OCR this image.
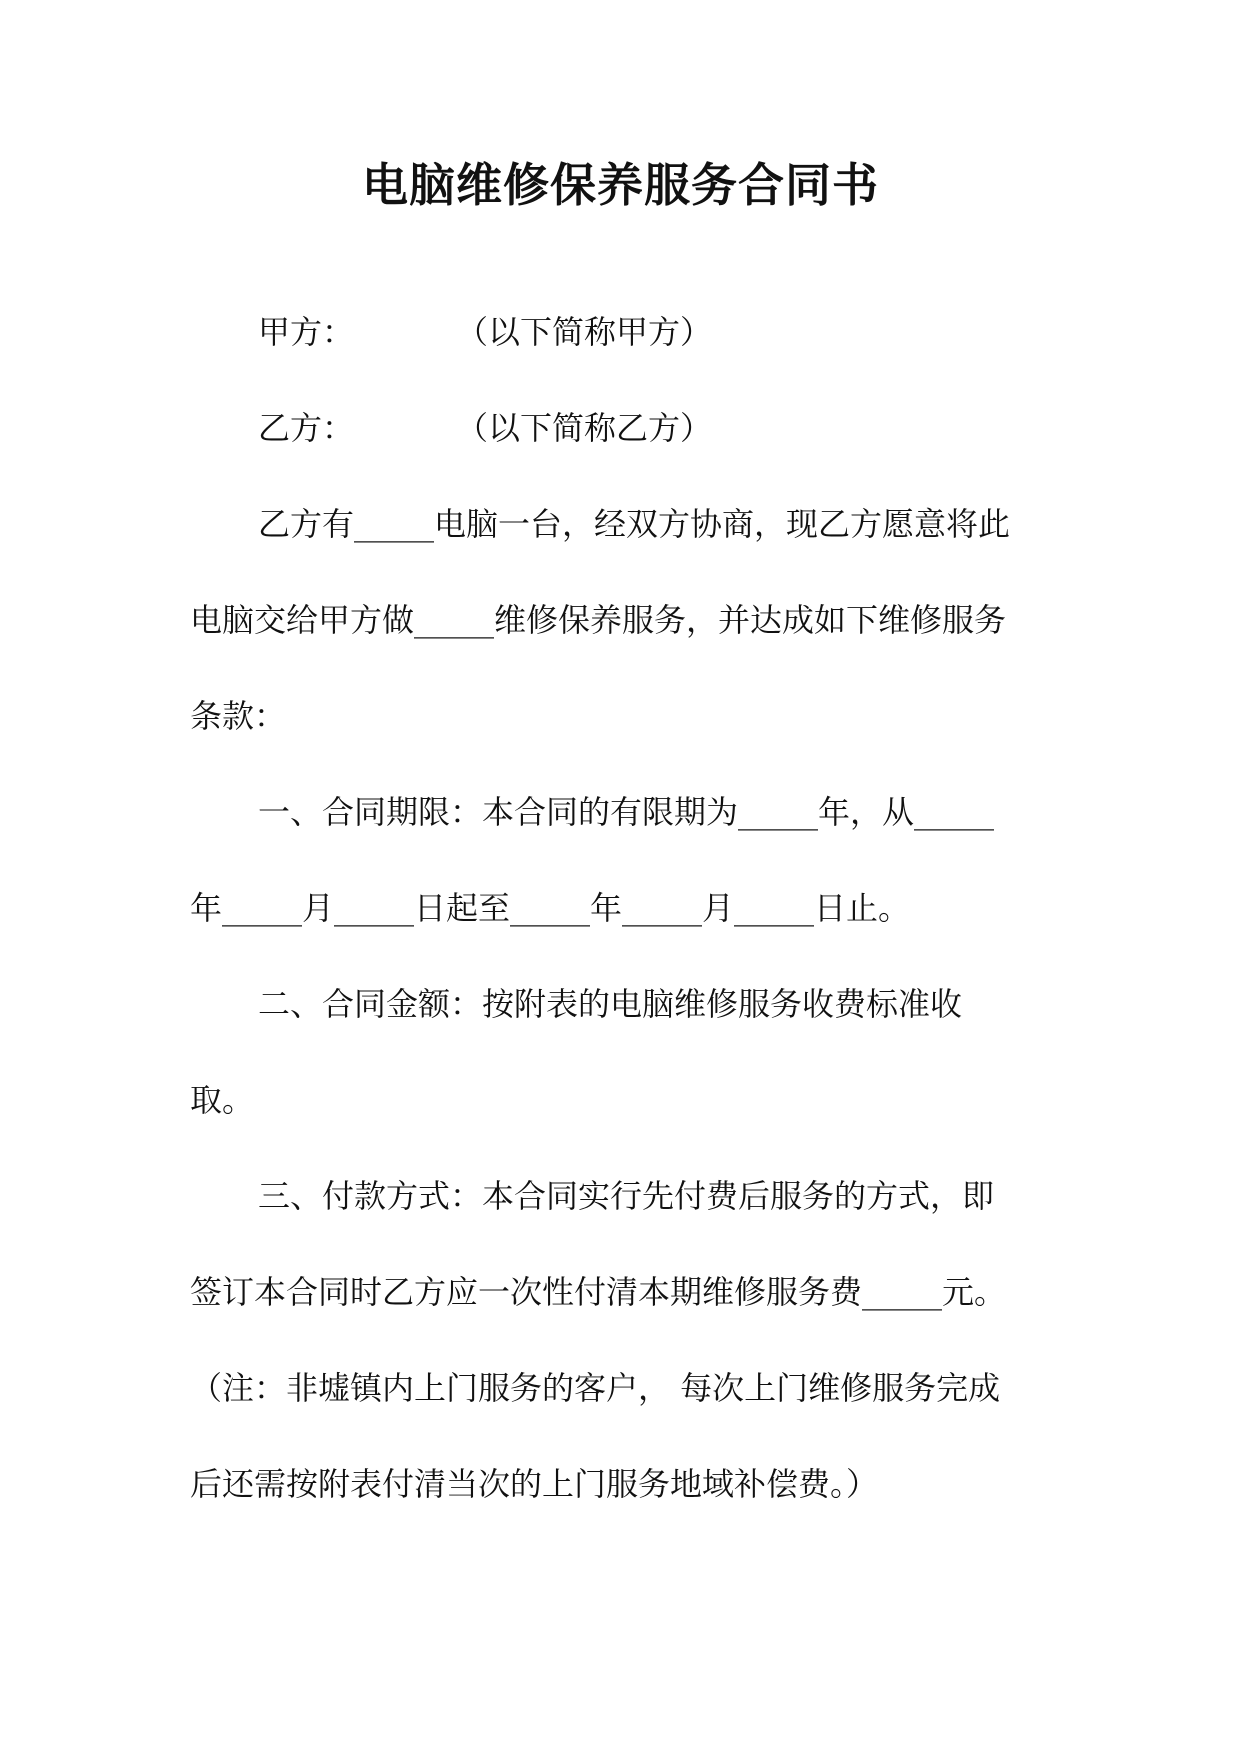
电脑维修保养服务合同书
甲方：	（以下简称甲方）
乙方：	（以下简称乙方）
乙方有_____电脑一台，经双方协商，现乙方愿意将此
电脑交给甲方做_____维修保养服务，并达成如下维修服务
条款：
一、合同期限：本合同的有限期为_____年，从_____
年_____月_____日起至_____年_____月_____日止。
二、合同金额：按附表的电脑维修服务收费标准收
取。
三、付款方式：本合同实行先付费后服务的方式，即
签订本合同时乙方应一次性付清本期维修服务费_____元。
（注：非墟镇内上门服务的客户， 每次上门维修服务完成
后还需按附表付清当次的上门服务地域补偿费。）
